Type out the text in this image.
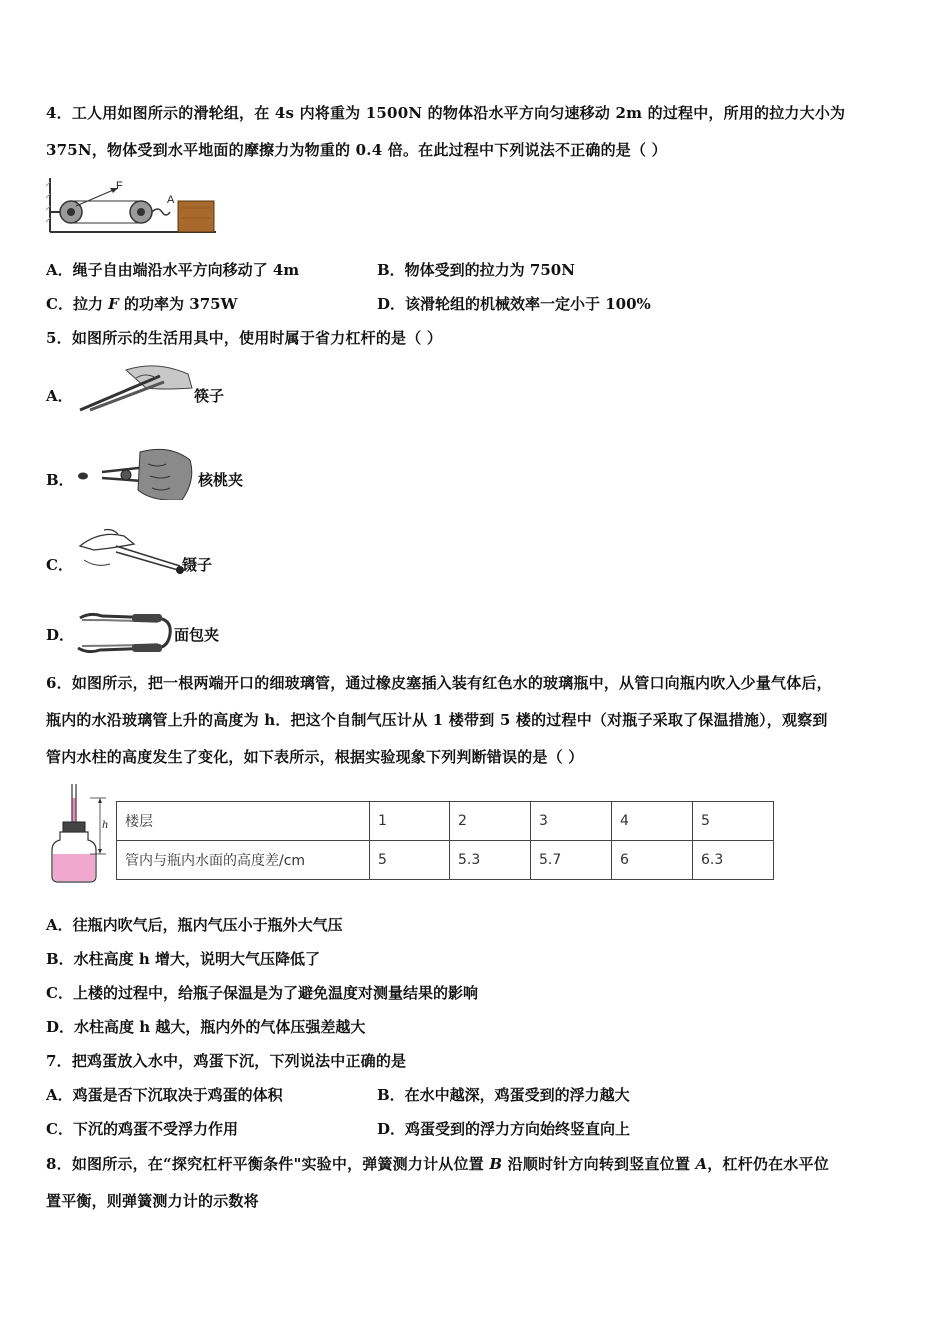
4．工人用如图所示的滑轮组，在 4s 内将重为 1500N 的物体沿水平方向匀速移动 2m 的过程中，所用的拉力大小为
375N，物体受到水平地面的摩擦力为物重的 0.4 倍。在此过程中下列说法不正确的是（ ）
F
A
A．绳子自由端沿水平方向移动了 4m	B．物体受到的拉力为 750N
C．拉力 F 的功率为 375W	D．该滑轮组的机械效率一定小于 100%
5．如图所示的生活用具中，使用时属于省力杠杆的是（ ）
A．	筷子
B．	核桃夹
C．	镊子
D．	面包夹
6．如图所示，把一根两端开口的细玻璃管，通过橡皮塞插入装有红色水的玻璃瓶中，从管口向瓶内吹入少量气体后，
瓶内的水沿玻璃管上升的高度为 h．把这个自制气压计从 1 楼带到 5 楼的过程中（对瓶子采取了保温措施），观察到
管内水柱的高度发生了变化，如下表所示，根据实验现象下列判断错误的是（ ）
h 楼层	1	2	3	4	5
管内与瓶内水面的高度差/cm	5	5.3	5.7	6	6.3
A．往瓶内吹气后，瓶内气压小于瓶外大气压
B．水柱高度 h 增大，说明大气压降低了
C．上楼的过程中，给瓶子保温是为了避免温度对测量结果的影响
D．水柱高度 h 越大，瓶内外的气体压强差越大
7．把鸡蛋放入水中，鸡蛋下沉，下列说法中正确的是
A．鸡蛋是否下沉取决于鸡蛋的体积	B．在水中越深，鸡蛋受到的浮力越大
C．下沉的鸡蛋不受浮力作用	D．鸡蛋受到的浮力方向始终竖直向上
8．如图所示，在“探究杠杆平衡条件"实验中，弹簧测力计从位置 B 沿顺时针方向转到竖直位置 A，杠杆仍在水平位
置平衡，则弹簧测力计的示数将
